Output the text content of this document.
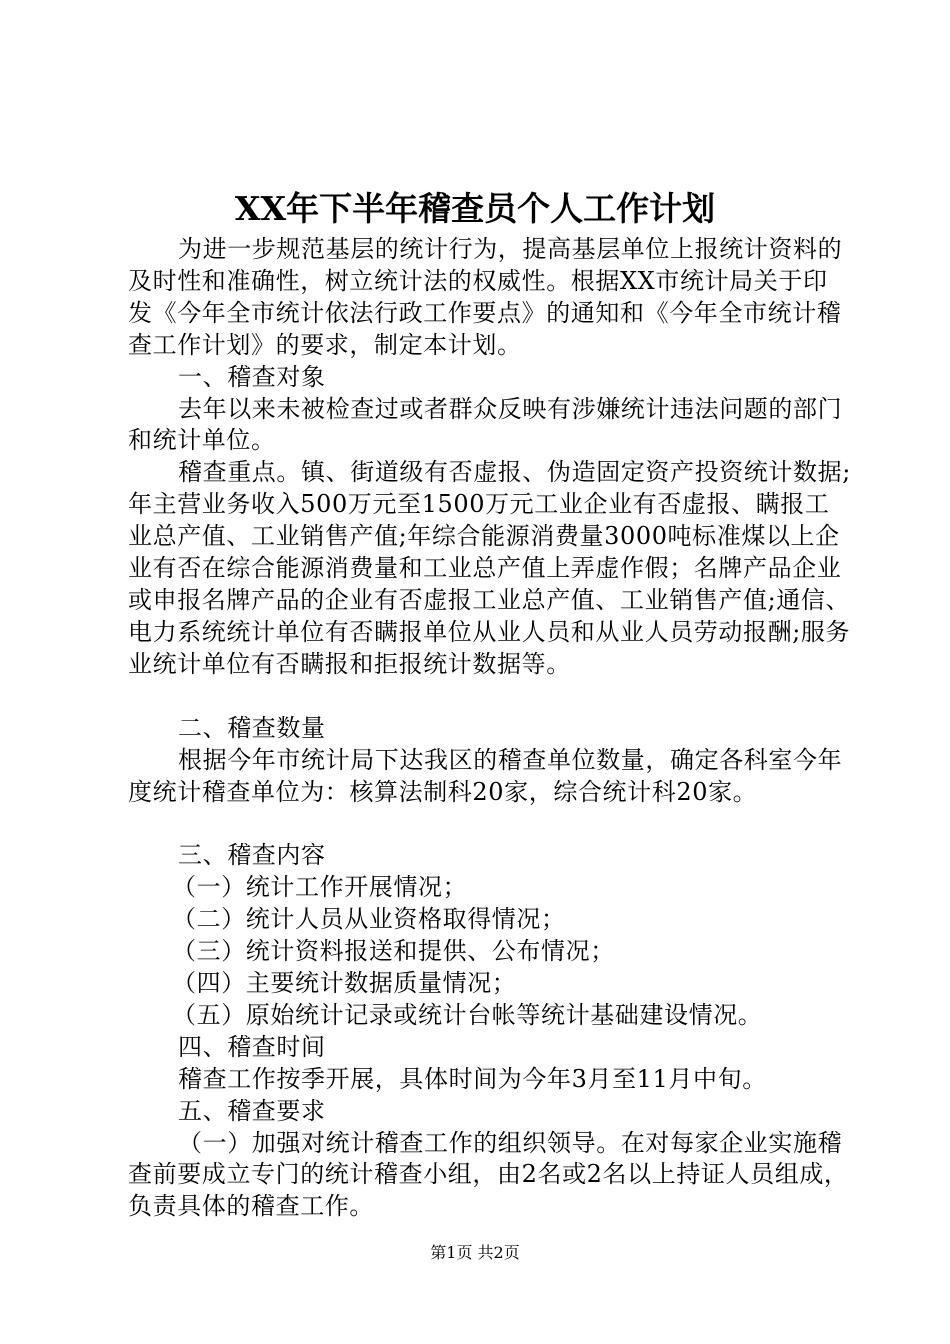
XX年下半年稽查员个人工作计划

为进一步规范基层的统计行为，提高基层单位上报统计资料的及时性和准确性，树立统计法的权威性。根据XX市统计局关于印发《今年全市统计依法行政工作要点》的通知和《今年全市统计稽查工作计划》的要求，制定本计划。

一、稽查对象

去年以来未被检查过或者群众反映有涉嫌统计违法问题的部门和统计单位。

稽查重点。镇、街道级有否虚报、伪造固定资产投资统计数据;年主营业务收入500万元至1500万元工业企业有否虚报、瞒报工业总产值、工业销售产值;年综合能源消费量3000吨标准煤以上企业有否在综合能源消费量和工业总产值上弄虚作假；名牌产品企业或申报名牌产品的企业有否虚报工业总产值、工业销售产值;通信、电力系统统计单位有否瞒报单位从业人员和从业人员劳动报酬;服务业统计单位有否瞒报和拒报统计数据等。

二、稽查数量

根据今年市统计局下达我区的稽查单位数量，确定各科室今年度统计稽查单位为：核算法制科20家，综合统计科20家。

三、稽查内容

（一）统计工作开展情况；

（二）统计人员从业资格取得情况；

（三）统计资料报送和提供、公布情况；

（四）主要统计数据质量情况；

（五）原始统计记录或统计台帐等统计基础建设情况。

四、稽查时间

稽查工作按季开展，具体时间为今年3月至11月中旬。

五、稽查要求

（一）加强对统计稽查工作的组织领导。在对每家企业实施稽查前要成立专门的统计稽查小组，由2名或2名以上持证人员组成，负责具体的稽查工作。

第1页 共2页
